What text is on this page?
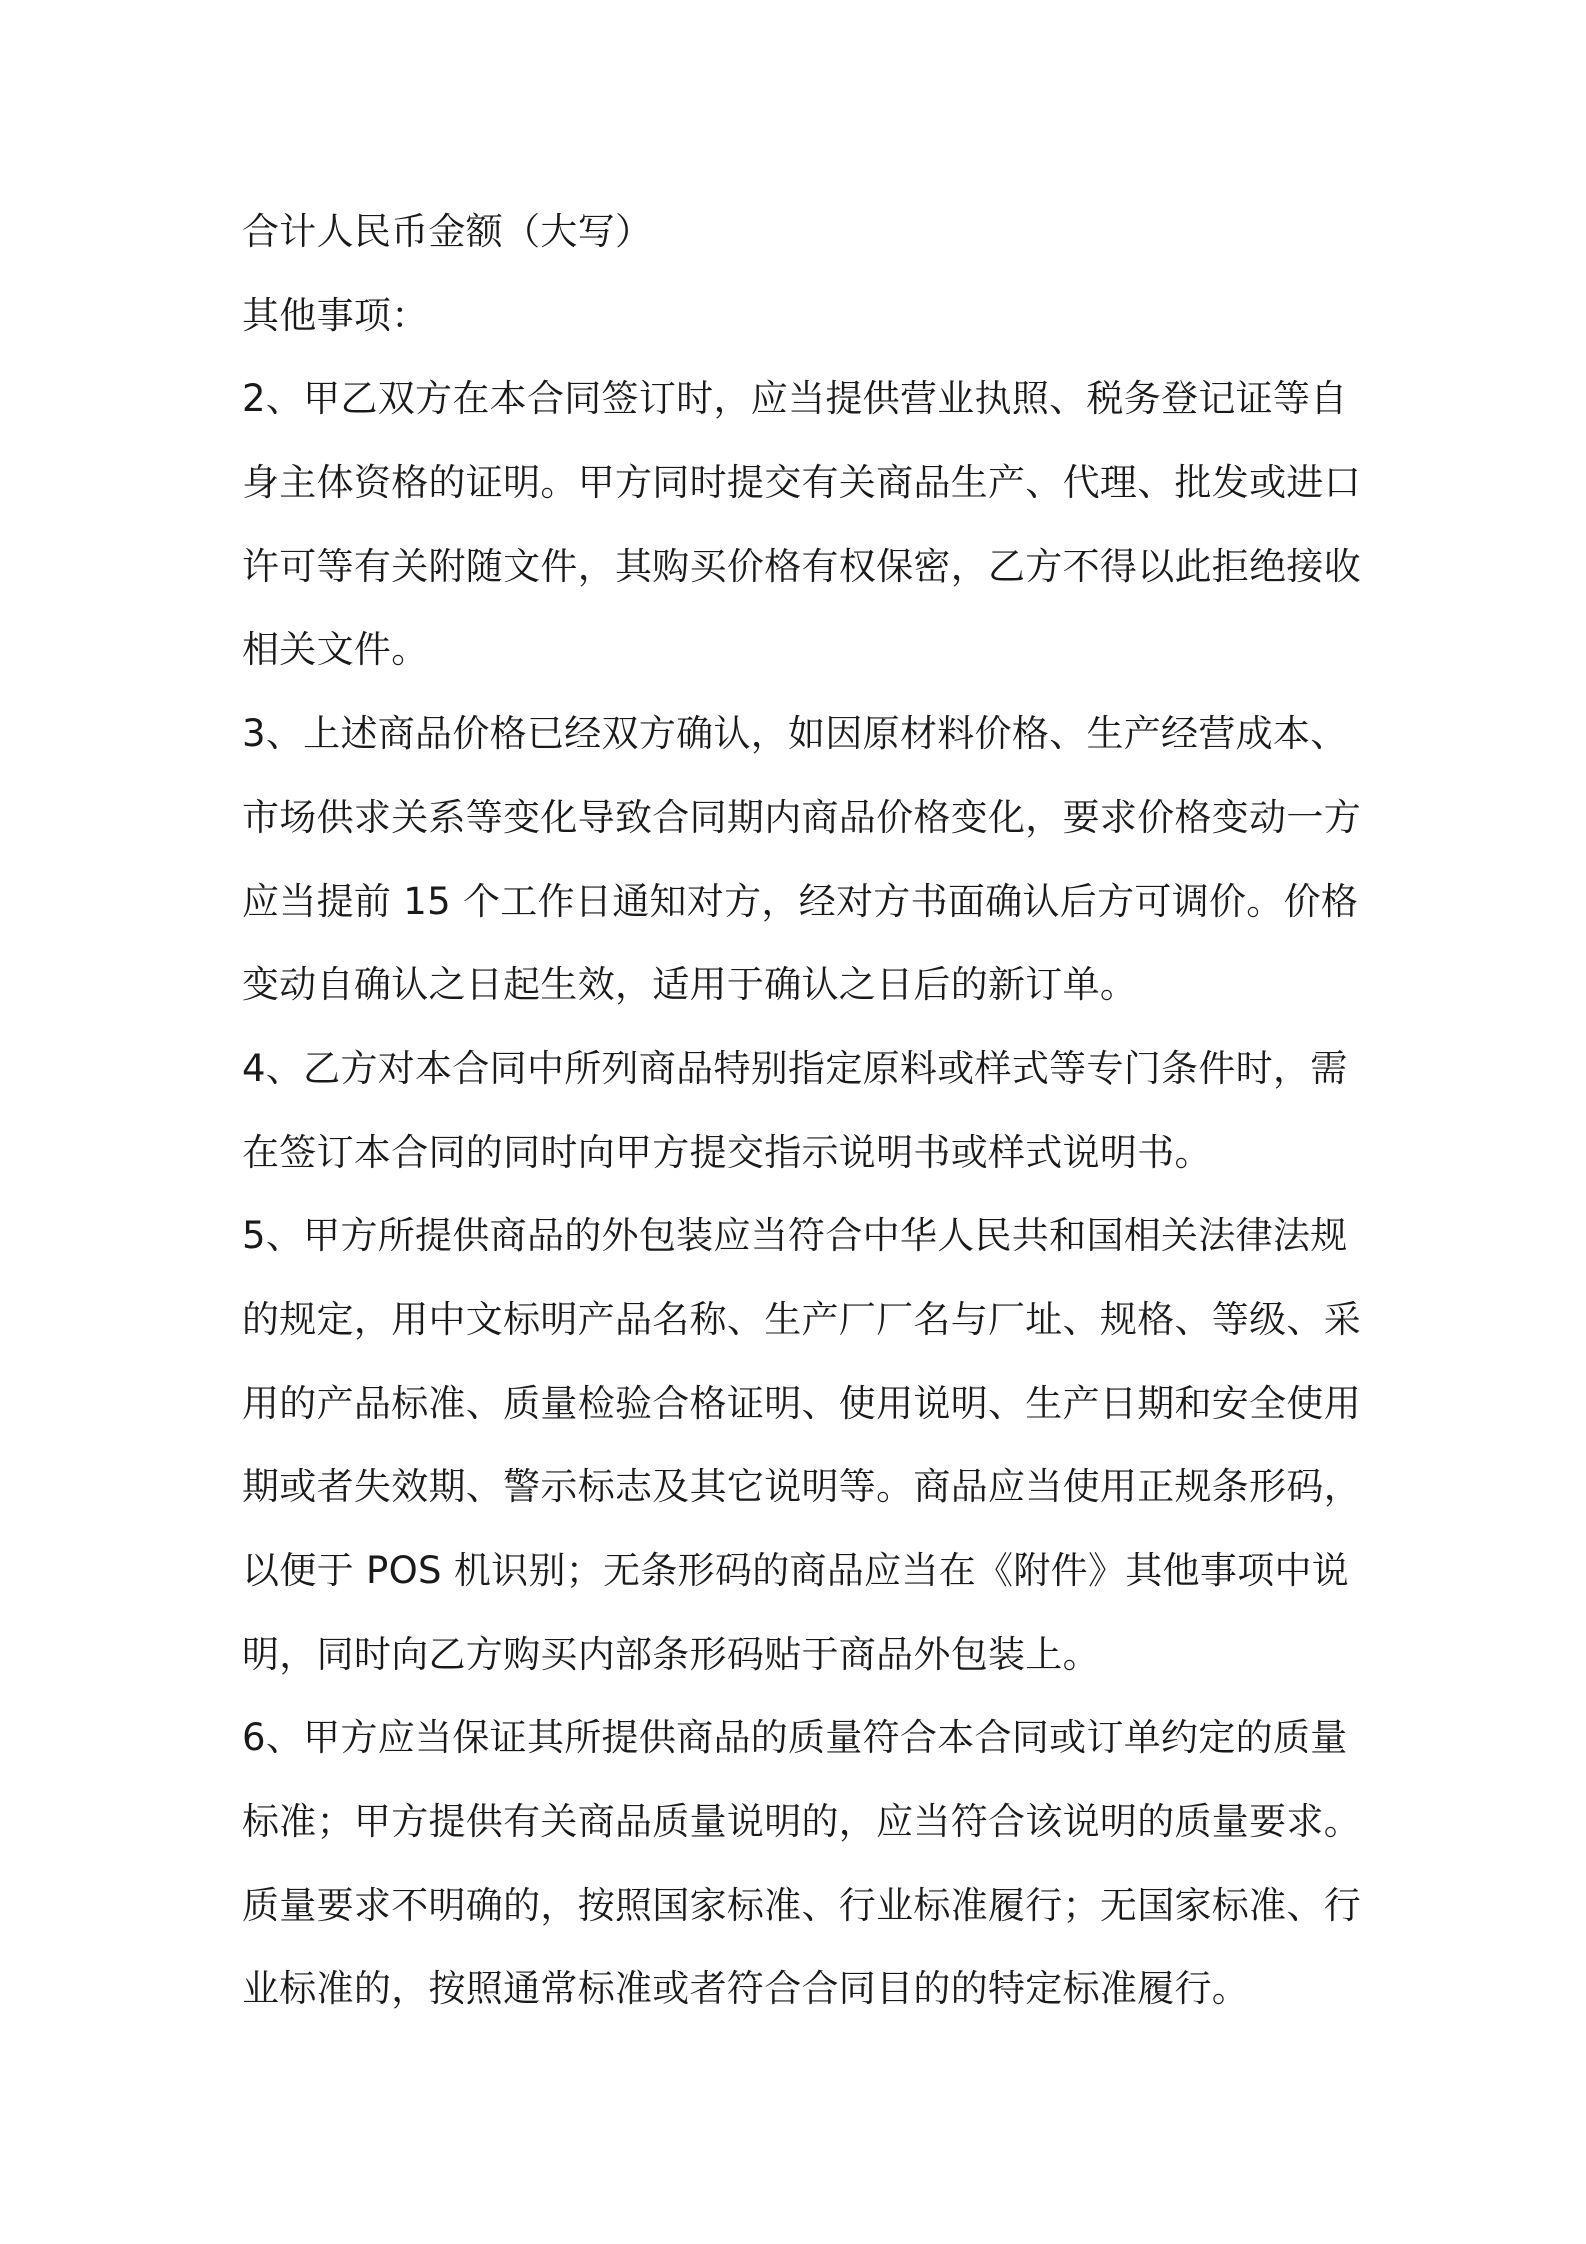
合计人民币金额（大写）
其他事项：
2、甲乙双方在本合同签订时，应当提供营业执照、税务登记证等自
身主体资格的证明。甲方同时提交有关商品生产、代理、批发或进口
许可等有关附随文件，其购买价格有权保密，乙方不得以此拒绝接收
相关文件。
3、上述商品价格已经双方确认，如因原材料价格、生产经营成本、
市场供求关系等变化导致合同期内商品价格变化，要求价格变动一方
应当提前 15 个工作日通知对方，经对方书面确认后方可调价。价格
变动自确认之日起生效，适用于确认之日后的新订单。
4、乙方对本合同中所列商品特别指定原料或样式等专门条件时，需
在签订本合同的同时向甲方提交指示说明书或样式说明书。
5、甲方所提供商品的外包装应当符合中华人民共和国相关法律法规
的规定，用中文标明产品名称、生产厂厂名与厂址、规格、等级、采
用的产品标准、质量检验合格证明、使用说明、生产日期和安全使用
期或者失效期、警示标志及其它说明等。商品应当使用正规条形码，
以便于 POS 机识别；无条形码的商品应当在《附件》其他事项中说
明，同时向乙方购买内部条形码贴于商品外包装上。
6、甲方应当保证其所提供商品的质量符合本合同或订单约定的质量
标准；甲方提供有关商品质量说明的，应当符合该说明的质量要求。
质量要求不明确的，按照国家标准、行业标准履行；无国家标准、行
业标准的，按照通常标准或者符合合同目的的特定标准履行。
